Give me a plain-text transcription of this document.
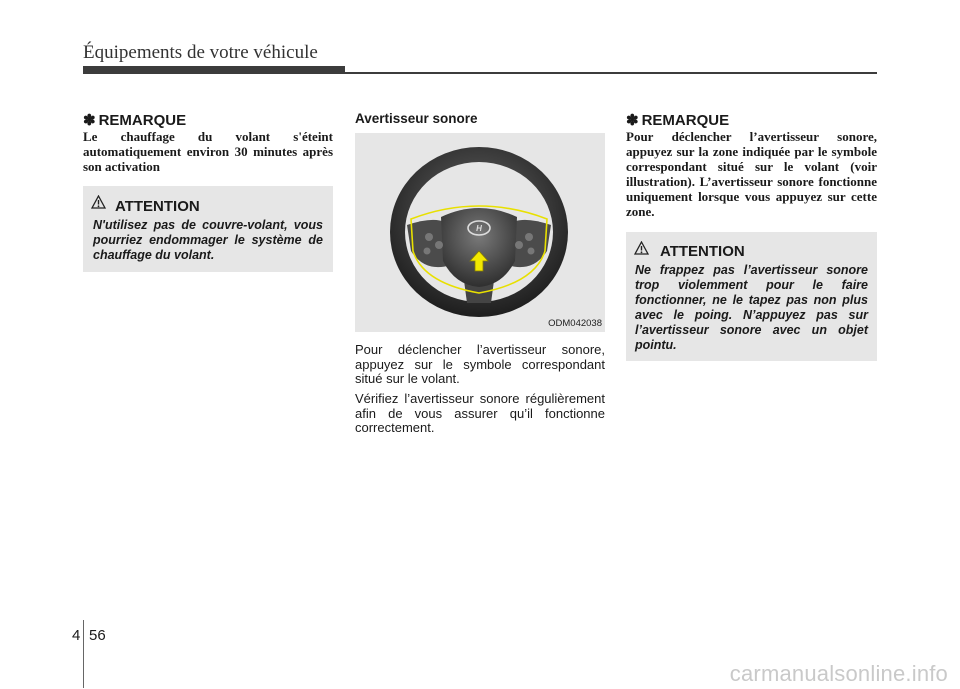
Équipements de votre véhicule
✽ REMARQUE
Le chauffage du volant s'éteint automatiquement environ 30 minutes après son activation
ATTENTION
N'utilisez pas de couvre-volant, vous pourriez endommager le système de chauffage du volant.
Avertisseur sonore
H
ODM042038
Pour déclencher l’avertisseur sonore, appuyez sur le symbole correspondant situé sur le volant.
Vérifiez l’avertisseur sonore régulièrement afin de vous assurer qu’il fonctionne correctement.
✽ REMARQUE
Pour déclencher l’avertisseur sonore, appuyez sur la zone indiquée par le symbole correspondant situé sur le volant (voir illustration). L’avertisseur sonore fonctionne uniquement lorsque vous appuyez sur cette zone.
ATTENTION
Ne frappez pas l’avertisseur sonore trop violemment pour le faire fonctionner, ne le tapez pas non plus avec le poing. N’appuyez pas sur l’avertisseur sonore avec un objet pointu.
4 56
carmanualsonline.info
